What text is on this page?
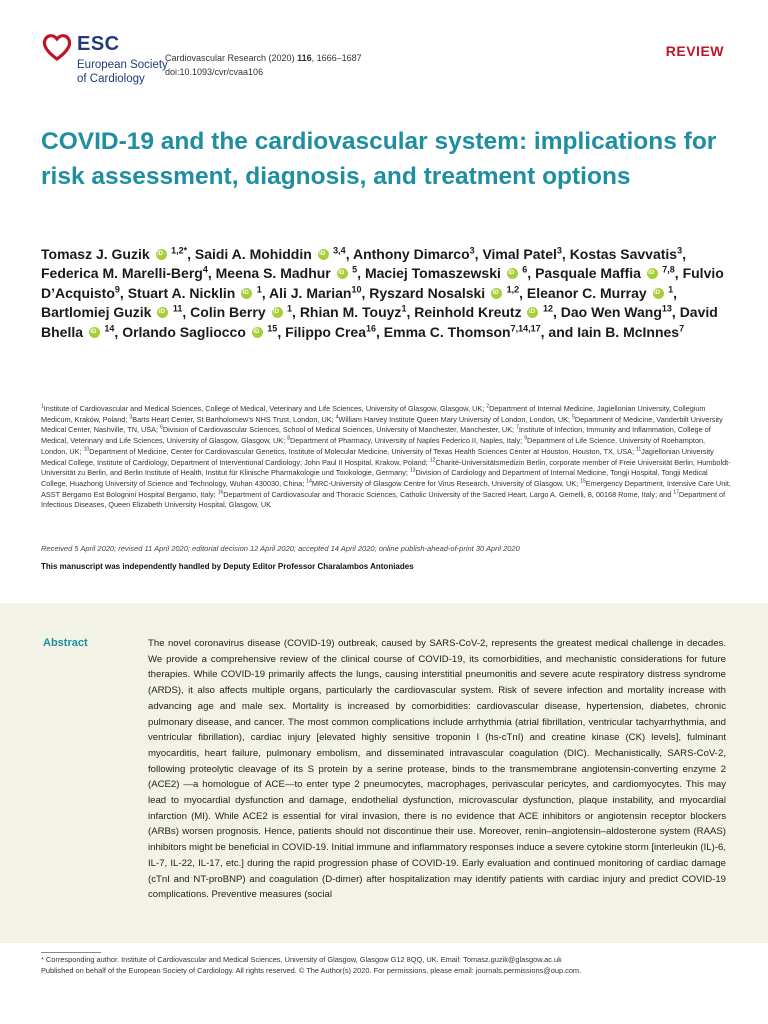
ESC
European Society
of Cardiology
Cardiovascular Research (2020) 116, 1666–1687
doi:10.1093/cvr/cvaa106
REVIEW
COVID-19 and the cardiovascular system: implications for risk assessment, diagnosis, and treatment options
Tomasz J. Guzik iD $^{1,2*}$, Saidi A. Mohiddin iD $^{3,4}$, Anthony Dimarco$^3$, Vimal Patel$^3$, Kostas Savvatis$^3$, Federica M. Marelli-Berg$^4$, Meena S. Madhur iD $^5$, Maciej Tomaszewski iD $^6$, Pasquale Maffia iD $^{7,8}$, Fulvio D’Acquisto$^9$, Stuart A. Nicklin iD $^1$, Ali J. Marian$^{10}$, Ryszard Nosalski iD $^{1,2}$, Eleanor C. Murray iD $^1$, Bartlomiej Guzik iD $^{11}$, Colin Berry iD $^1$, Rhian M. Touyz$^1$, Reinhold Kreutz iD $^{12}$, Dao Wen Wang$^{13}$, David Bhella iD $^{14}$, Orlando Sagliocco iD $^{15}$, Filippo Crea$^{16}$, Emma C. Thomson$^{7,14,17}$, and Iain B. McInnes$^7$
$^1$Institute of Cardiovascular and Medical Sciences, College of Medical, Veterinary and Life Sciences, University of Glasgow, Glasgow, UK; $^2$Department of Internal Medicine, Jagiellonian University, Collegium Medicum, Kraków, Poland; $^3$Barts Heart Center, St Bartholomew’s NHS Trust, London, UK; $^4$William Harvey Institute Queen Mary University of London, London, UK; $^5$Department of Medicine, Vanderbilt University Medical Center, Nashville, TN, USA; $^6$Division of Cardiovascular Sciences, School of Medical Sciences, University of Manchester, Manchester, UK; $^7$Institute of Infection, Immunity and Inflammation, College of Medical, Veterinary and Life Sciences, University of Glasgow, Glasgow, UK; $^8$Department of Pharmacy, University of Naples Federico II, Naples, Italy; $^9$Department of Life Science, University of Roehampton, London, UK; $^{10}$Department of Medicine, Center for Cardiovascular Genetics, Institute of Molecular Medicine, University of Texas Health Sciences Center at Houston, Houston, TX, USA; $^{11}$Jagiellonian University Medical College, Institute of Cardiology, Department of Interventional Cardiology; John Paul II Hospital, Krakow, Poland; $^{12}$Charité-Universitätsmedizin Berlin, corporate member of Freie Universität Berlin, Humboldt-Universität zu Berlin, and Berlin Institute of Health, Institut für Klinische Pharmakologie und Toxikologie, Germany; $^{13}$Division of Cardiology and Department of Internal Medicine, Tongji Hospital, Tongji Medical College, Huazhong University of Science and Technology, Wuhan 430030, China; $^{14}$MRC-University of Glasgow Centre for Virus Research, University of Glasgow, UK; $^{15}$Emergency Department, Intensive Care Unit, ASST Bergamo Est Bolognini Hospital Bergamo, Italy; $^{16}$Department of Cardiovascular and Thoracic Sciences, Catholic University of the Sacred Heart, Largo A. Gemelli, 8, 00168 Rome, Italy; and $^{17}$Department of Infectious Diseases, Queen Elizabeth University Hospital, Glasgow, UK
Received 5 April 2020; revised 11 April 2020; editorial decision 12 April 2020; accepted 14 April 2020; online publish-ahead-of-print 30 April 2020
This manuscript was independently handled by Deputy Editor Professor Charalambos Antoniades
Abstract	The novel coronavirus disease (COVID-19) outbreak, caused by SARS-CoV-2, represents the greatest medical challenge in decades. We provide a comprehensive review of the clinical course of COVID-19, its comorbidities, and mechanistic considerations for future therapies. While COVID-19 primarily affects the lungs, causing interstitial pneumonitis and severe acute respiratory distress syndrome (ARDS), it also affects multiple organs, particularly the cardiovascular system. Risk of severe infection and mortality increase with advancing age and male sex. Mortality is increased by comorbidities: cardiovascular disease, hypertension, diabetes, chronic pulmonary disease, and cancer. The most common complications include arrhythmia (atrial fibrillation, ventricular tachyarrhythmia, and ventricular fibrillation), cardiac injury [elevated highly sensitive troponin I (hs-cTnI) and creatine kinase (CK) levels], fulminant myocarditis, heart failure, pulmonary embolism, and disseminated intravascular coagulation (DIC). Mechanistically, SARS-CoV-2, following proteolytic cleavage of its S protein by a serine protease, binds to the transmembrane angiotensin-converting enzyme 2 (ACE2) —a homologue of ACE—to enter type 2 pneumocytes, macrophages, perivascular pericytes, and cardiomyocytes. This may lead to myocardial dysfunction and damage, endothelial dysfunction, microvascular dysfunction, plaque instability, and myocardial infarction (MI). While ACE2 is essential for viral invasion, there is no evidence that ACE inhibitors or angiotensin receptor blockers (ARBs) worsen prognosis. Hence, patients should not discontinue their use. Moreover, renin–angiotensin–aldosterone system (RAAS) inhibitors might be beneficial in COVID-19. Initial immune and inflammatory responses induce a severe cytokine storm [interleukin (IL)-6, IL-7, IL-22, IL-17, etc.] during the rapid progression phase of COVID-19. Early evaluation and continued monitoring of cardiac damage (cTnI and NT-proBNP) and coagulation (D-dimer) after hospitalization may identify patients with cardiac injury and predict COVID-19 complications. Preventive measures (social
* Corresponding author. Institute of Cardiovascular and Medical Sciences, University of Glasgow, Glasgow G12 8QQ, UK. Email: Tomasz.guzik@glasgow.ac.uk
Published on behalf of the European Society of Cardiology. All rights reserved. © The Author(s) 2020. For permissions, please email: journals.permissions@oup.com.
